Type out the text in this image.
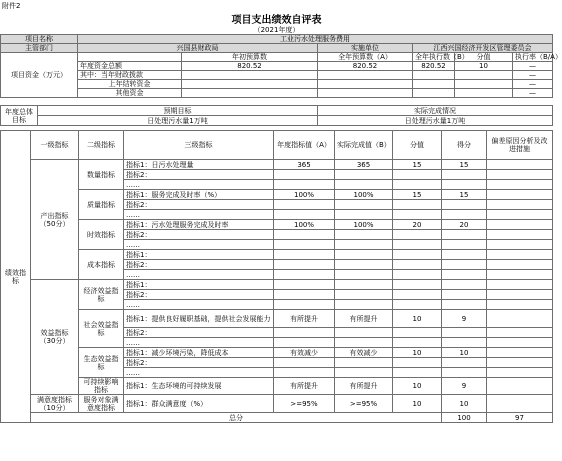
附件2
项目支出绩效自评表
（2021年度）
项目名称	工业污水处理服务费用					
主管部门	兴国县财政局		实施单位	江西兴国经济开发区管理委员会		
项目资金（万元）		年初预算数	全年预算数（A）	全年执行数（B）	分值	执行率（B/A）
	年度资金总额	820.52	820.52	820.52	10	—
	其中：当年财政拨款					—
	上年结转资金					—
	其他资金					—
年度总体目标	预期目标	实际完成情况
	日处理污水量1万吨	日处理污水量1万吨
绩效指标	一级指标	二级指标	三级指标	年度指标值（A）	实际完成值（B）	分值	得分	偏差原因分析及改进措施	
	产出指标（50分）	数量指标	指标1：日污水处理量	365	365	15	15		
			指标2：						
			……						
		质量指标	指标1：服务完成及时率（%）	100%	100%	15	15		
			指标2：						
			……						
		时效指标	指标1：污水处理服务完成及时率	100%	100%	20	20		
			指标2：						
			……						
		成本指标	指标1：						
			指标2：						
			……						
	效益指标（30分）	经济效益指标	指标1：						
			指标2：						
			……						
		社会效益指标	指标1：提供良好履职基础，提供社会发展能力	有所提升	有所提升	10	9		
			指标2：						
			……						
		生态效益指标	指标1：减少环境污染，降低成本	有效减少	有效减少	10	10		
			指标2：						
			……						
		可持续影响指标	指标1：生态环境的可持续发展	有所提升	有所提升	10	9		
	满意度指标（10分）	服务对象满意度指标	指标1：群众满意度（%）	>=95%	>=95%	10	10		
	总分						100	97	
